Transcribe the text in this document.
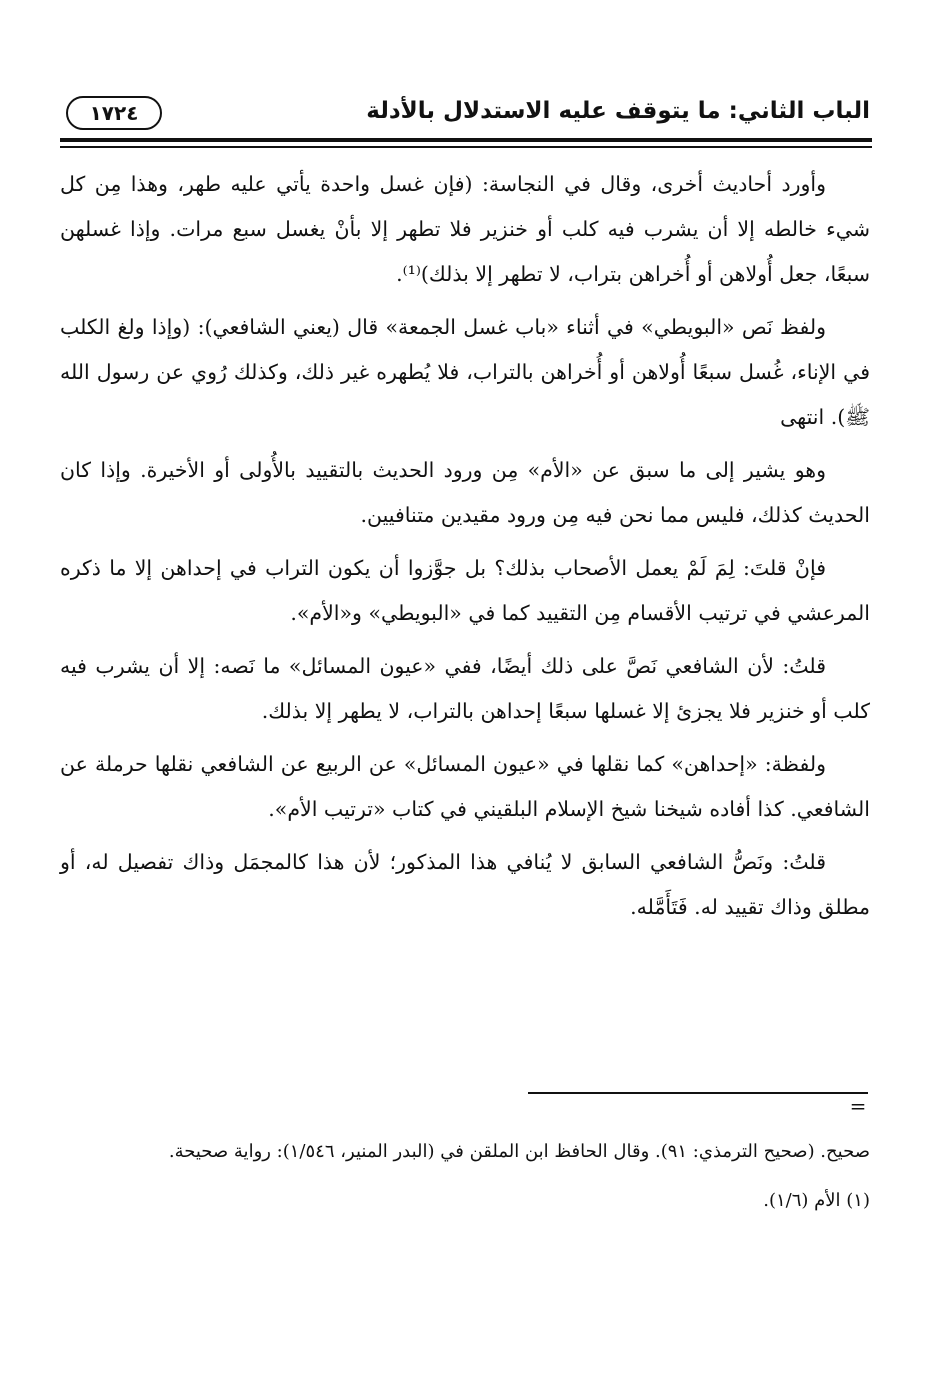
١٧٢٤	الباب الثاني: ما يتوقف عليه الاستدلال بالأدلة

وأورد أحاديث أخرى، وقال في النجاسة: (فإن غسل واحدة يأتي عليه طهر، وهذا مِن كل شيء خالطه إلا أن يشرب فيه كلب أو خنزير فلا تطهر إلا بأنْ يغسل سبع مرات. وإذا غسلهن سبعًا، جعل أُولاهن أو أُخراهن بتراب، لا تطهر إلا بذلك)⁽¹⁾.

ولفظ نَص «البويطي» في أثناء «باب غسل الجمعة» قال (يعني الشافعي): (وإذا ولغ الكلب في الإناء، غُسل سبعًا أُولاهن أو أُخراهن بالتراب، فلا يُطهره غير ذلك، وكذلك رُوي عن رسول الله ﷺ). انتهى

وهو يشير إلى ما سبق عن «الأم» مِن ورود الحديث بالتقييد بالأُولى أو الأخيرة. وإذا كان الحديث كذلك، فليس مما نحن فيه مِن ورود مقيدين متنافيين.

فإنْ قلتَ: لِمَ لَمْ يعمل الأصحاب بذلك؟ بل جوَّزوا أن يكون التراب في إحداهن إلا ما ذكره المرعشي في ترتيب الأقسام مِن التقييد كما في «البويطي» و«الأم».

قلتُ: لأن الشافعي نَصَّ على ذلك أيضًا، ففي «عيون المسائل» ما نَصه: إلا أن يشرب فيه كلب أو خنزير فلا يجزئ إلا غسلها سبعًا إحداهن بالتراب، لا يطهر إلا بذلك.

ولفظة: «إحداهن» كما نقلها في «عيون المسائل» عن الربيع عن الشافعي نقلها حرملة عن الشافعي. كذا أفاده شيخنا شيخ الإسلام البلقيني في كتاب «ترتيب الأم».

قلتُ: ونَصُّ الشافعي السابق لا يُنافي هذا المذكور؛ لأن هذا كالمجمَل وذاك تفصيل له، أو مطلق وذاك تقييد له. فَتَأَمَّله.

=

صحيح. (صحيح الترمذي: ٩١). وقال الحافظ ابن الملقن في (البدر المنير، ١/٥٤٦): رواية صحيحة.

(١) الأم (١/٦).
